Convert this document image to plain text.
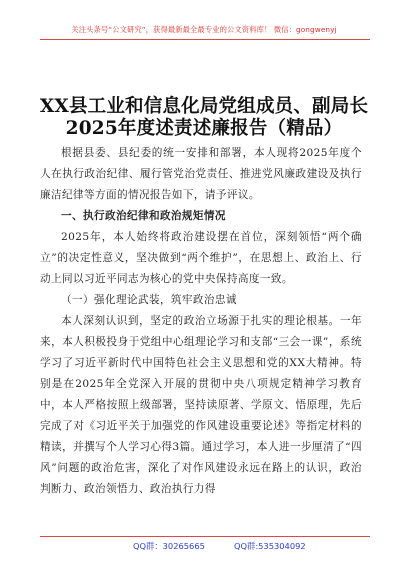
关注头条号“公文研究”，获得最新最全最专业的公文资料库！ 微信：gongwenyj
XX县工业和信息化局党组成员、副局长
2025年度述责述廉报告（精品）
根据县委、县纪委的统一安排和部署，本人现将2025年度个人在执行政治纪律、履行管党治党责任、推进党风廉政建设及执行廉洁纪律等方面的情况报告如下，请予评议。
一、执行政治纪律和政治规矩情况
2025年，本人始终将政治建设摆在首位，深刻领悟“两个确立”的决定性意义，坚决做到“两个维护”，在思想上、政治上、行动上同以习近平同志为核心的党中央保持高度一致。
（一）强化理论武装，筑牢政治忠诚
本人深刻认识到，坚定的政治立场源于扎实的理论根基。一年来，本人积极投身于党组中心组理论学习和支部“三会一课”，系统学习了习近平新时代中国特色社会主义思想和党的XX大精神。特别是在2025年全党深入开展的贯彻中央八项规定精神学习教育中，本人严格按照上级部署，坚持读原著、学原文、悟原理，先后完成了对《习近平关于加强党的作风建设重要论述》等指定材料的精读，并撰写个人学习心得3篇。通过学习，本人进一步厘清了“四风”问题的政治危害，深化了对作风建设永远在路上的认识，政治判断力、政治领悟力、政治执行力得
QQ群：30265665	QQ群:535304092
